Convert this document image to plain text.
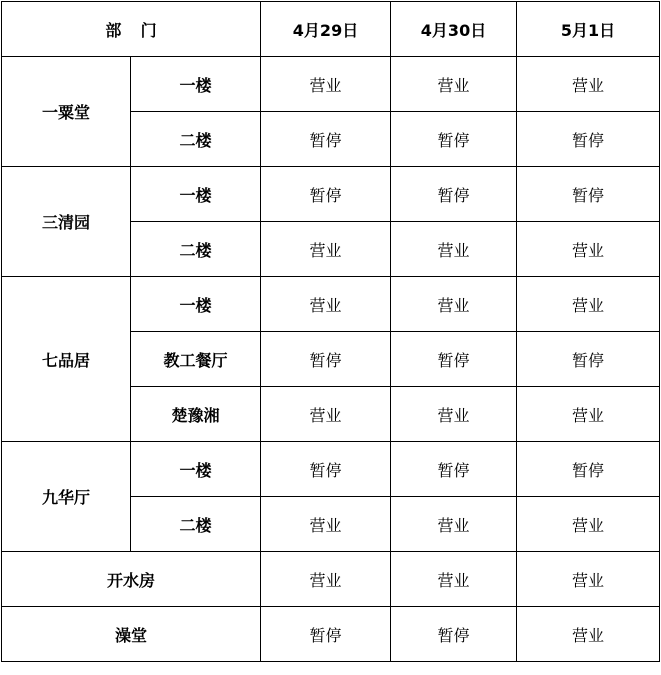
部门		4月29日	4月30日	5月1日
一粟堂	一楼	营业	营业	营业
	二楼	暂停	暂停	暂停
三清园	一楼	暂停	暂停	暂停
	二楼	营业	营业	营业
七品居	一楼	营业	营业	营业
	教工餐厅	暂停	暂停	暂停
	楚豫湘	营业	营业	营业
九华厅	一楼	暂停	暂停	暂停
	二楼	营业	营业	营业
开水房		营业	营业	营业
澡堂		暂停	暂停	营业
